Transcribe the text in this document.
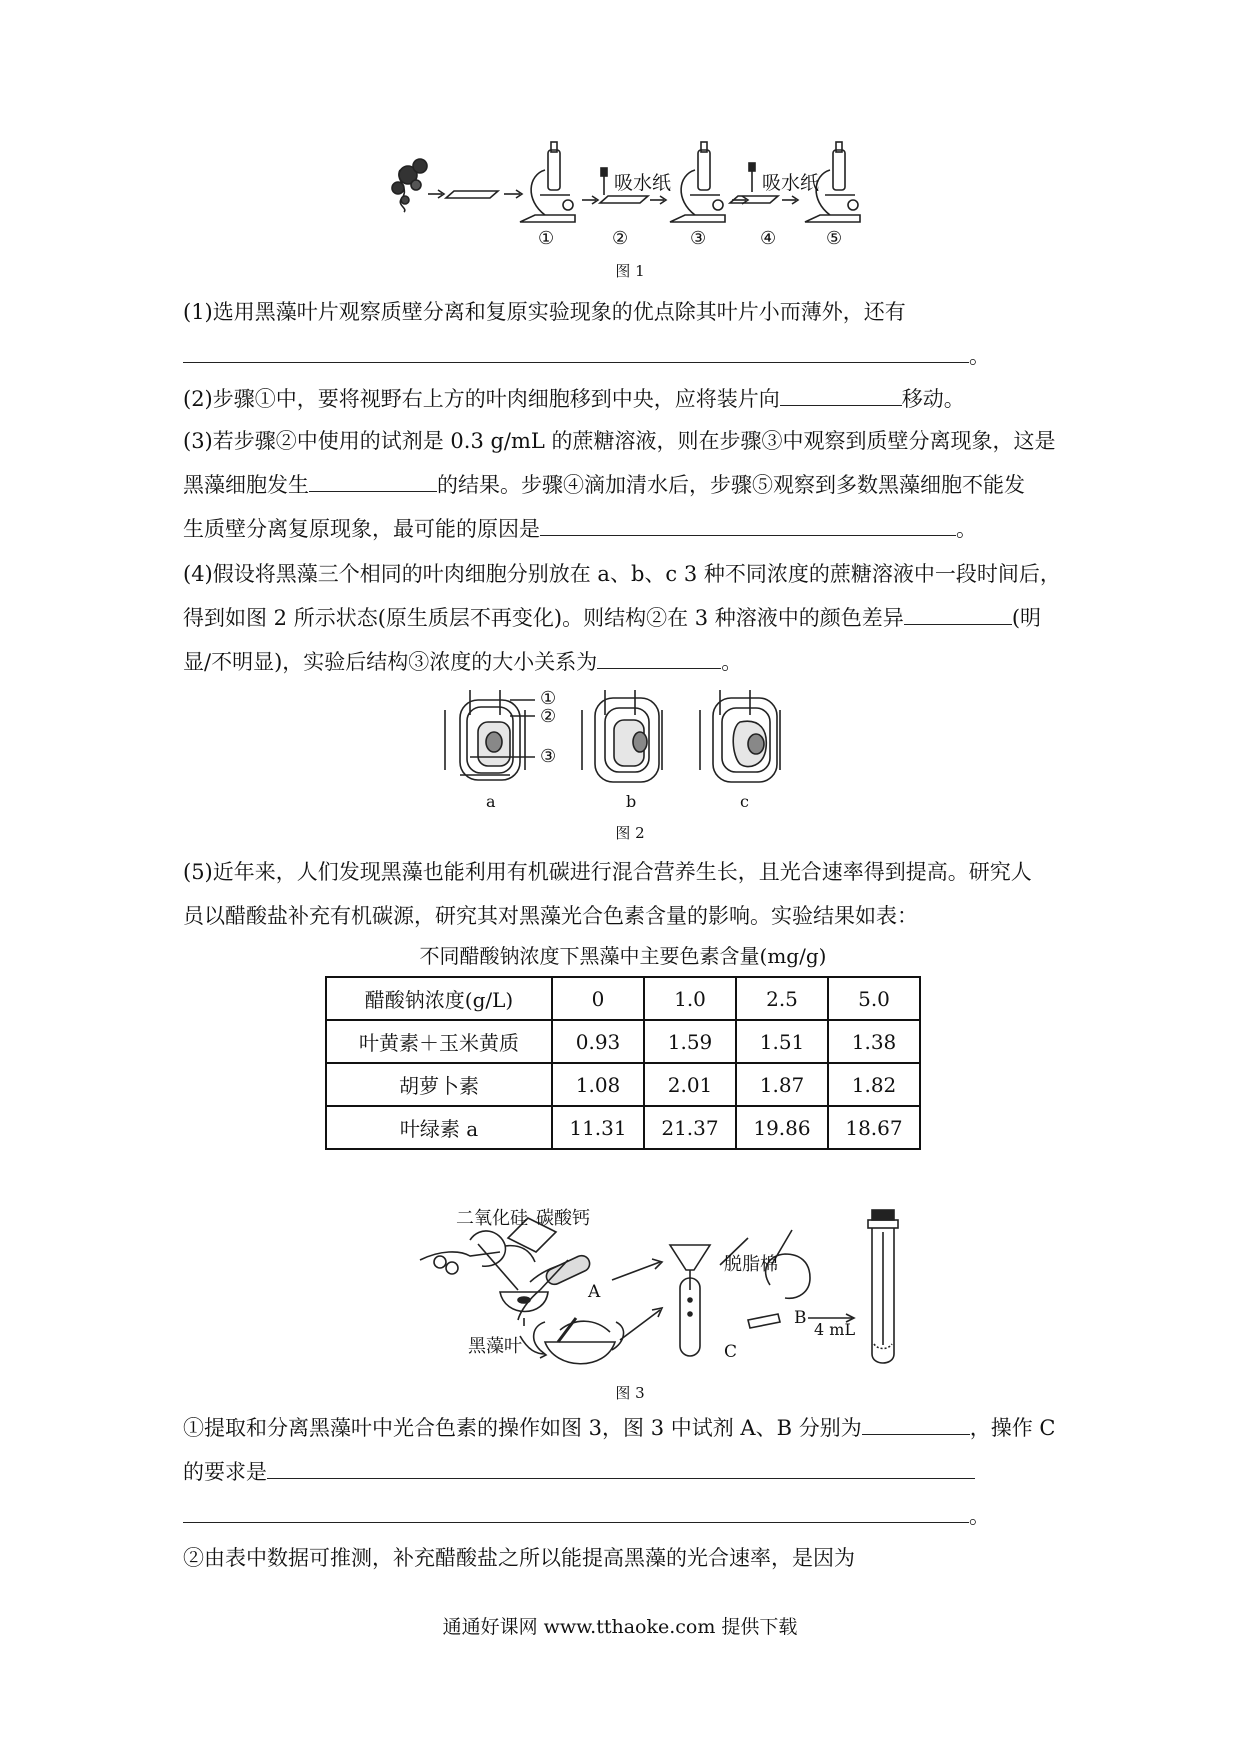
吸水纸	吸水纸
①	②	③	④	⑤
图 1
(1)选用黑藻叶片观察质壁分离和复原实验现象的优点除其叶片小而薄外，还有
。
(2)步骤①中，要将视野右上方的叶肉细胞移到中央，应将装片向	移动。
(3)若步骤②中使用的试剂是 0.3 g/mL 的蔗糖溶液，则在步骤③中观察到质壁分离现象，这是
黑藻细胞发生	的结果。步骤④滴加清水后，步骤⑤观察到多数黑藻细胞不能发
生质壁分离复原现象，最可能的原因是	。
(4)假设将黑藻三个相同的叶肉细胞分别放在 a、b、c 3 种不同浓度的蔗糖溶液中一段时间后，
得到如图 2 所示状态(原生质层不再变化)。则结构②在 3 种溶液中的颜色差异	(明
显/不明显)，实验后结构③浓度的大小关系为	。
①
②
③
a	b	c
图 2
(5)近年来，人们发现黑藻也能利用有机碳进行混合营养生长，且光合速率得到提高。研究人
员以醋酸盐补充有机碳源，研究其对黑藻光合色素含量的影响。实验结果如表：
不同醋酸钠浓度下黑藻中主要色素含量(mg/g)
醋酸钠浓度(g/L)	0	1.0	2.5	5.0
叶黄素＋玉米黄质	0.93	1.59	1.51	1.38
胡萝卜素	1.08	2.01	1.87	1.82
叶绿素 a	11.31	21.37	19.86	18.67
二氧化硅 碳酸钙
A
黑藻叶
脱脂棉
C
B
4 mL
图 3
①提取和分离黑藻叶中光合色素的操作如图 3，图 3 中试剂 A、B 分别为	，操作 C
的要求是
。
②由表中数据可推测，补充醋酸盐之所以能提高黑藻的光合速率，是因为
通通好课网 www.tthaoke.com 提供下载
